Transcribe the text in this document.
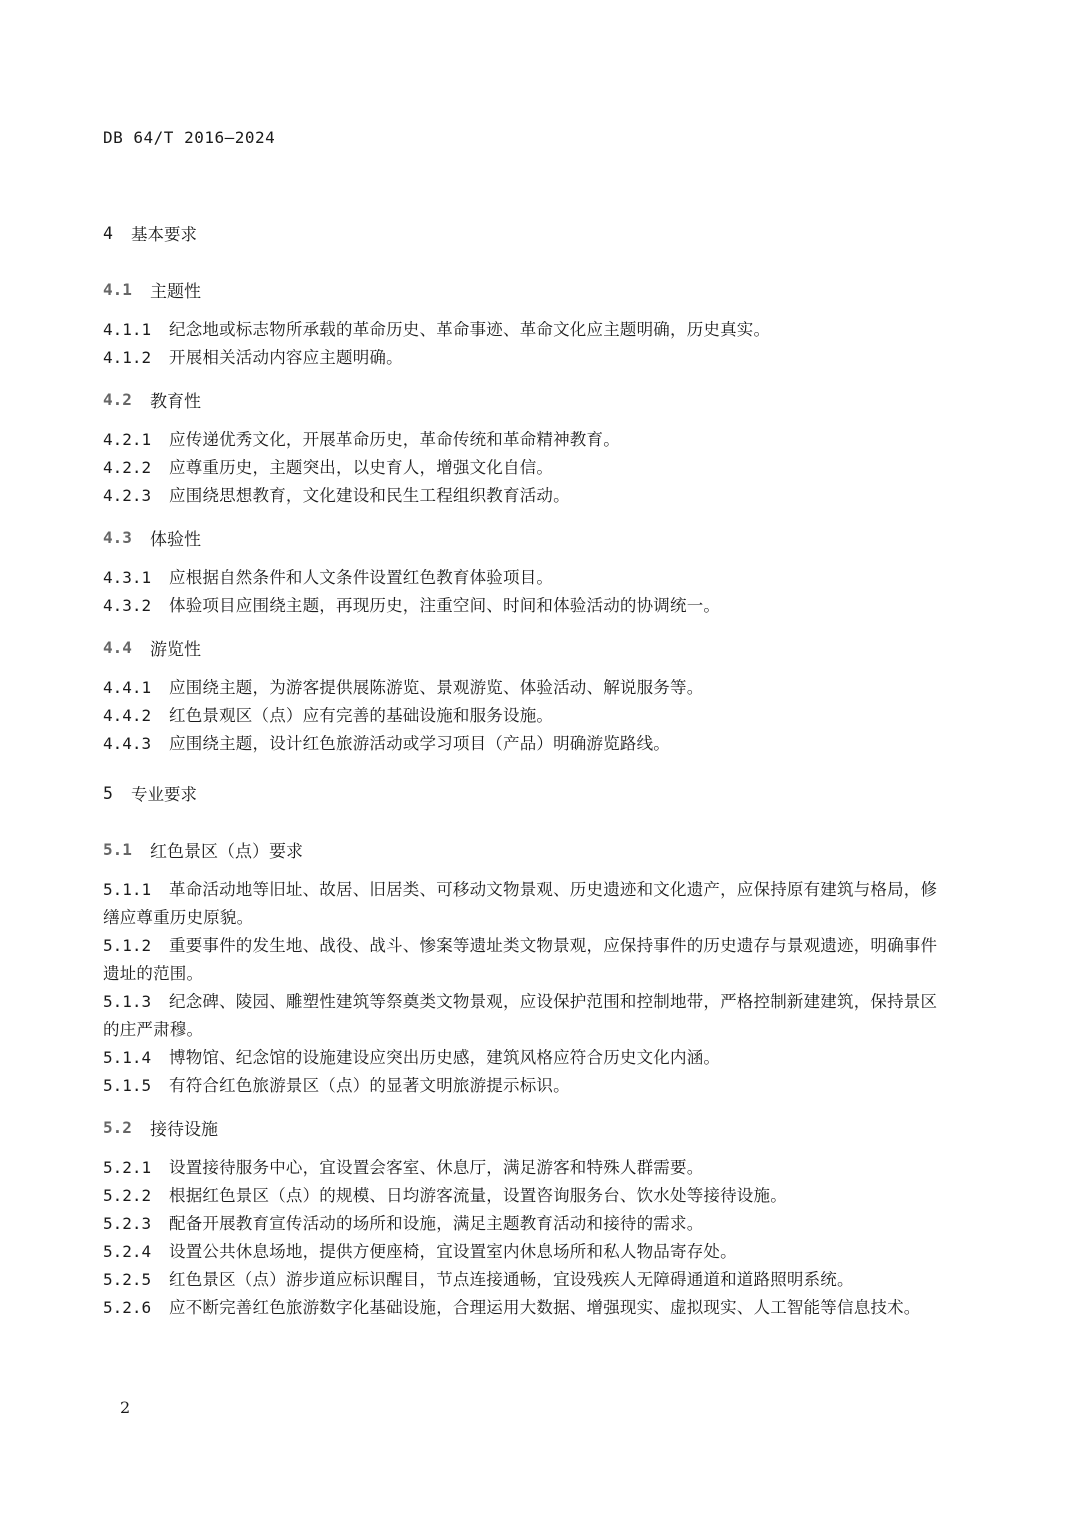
DB 64/T 2016—2024
4	基本要求
4.1	主题性
4.1.1	纪念地或标志物所承载的革命历史、革命事迹、革命文化应主题明确，历史真实。
4.1.2	开展相关活动内容应主题明确。
4.2	教育性
4.2.1	应传递优秀文化，开展革命历史，革命传统和革命精神教育。
4.2.2	应尊重历史，主题突出，以史育人，增强文化自信。
4.2.3	应围绕思想教育，文化建设和民生工程组织教育活动。
4.3	体验性
4.3.1	应根据自然条件和人文条件设置红色教育体验项目。
4.3.2	体验项目应围绕主题，再现历史，注重空间、时间和体验活动的协调统一。
4.4	游览性
4.4.1	应围绕主题，为游客提供展陈游览、景观游览、体验活动、解说服务等。
4.4.2	红色景观区（点）应有完善的基础设施和服务设施。
4.4.3	应围绕主题，设计红色旅游活动或学习项目（产品）明确游览路线。
5	专业要求
5.1	红色景区（点）要求
5.1.1 革命活动地等旧址、故居、旧居类、可移动文物景观、历史遗迹和文化遗产，应保持原有建筑与格局，修缮应尊重历史原貌。
5.1.2 重要事件的发生地、战役、战斗、惨案等遗址类文物景观，应保持事件的历史遗存与景观遗迹，明确事件遗址的范围。
5.1.3 纪念碑、陵园、雕塑性建筑等祭奠类文物景观，应设保护范围和控制地带，严格控制新建建筑，保持景区的庄严肃穆。
5.1.4	博物馆、纪念馆的设施建设应突出历史感，建筑风格应符合历史文化内涵。
5.1.5	有符合红色旅游景区（点）的显著文明旅游提示标识。
5.2	接待设施
5.2.1	设置接待服务中心，宜设置会客室、休息厅，满足游客和特殊人群需要。
5.2.2	根据红色景区（点）的规模、日均游客流量，设置咨询服务台、饮水处等接待设施。
5.2.3	配备开展教育宣传活动的场所和设施，满足主题教育活动和接待的需求。
5.2.4	设置公共休息场地，提供方便座椅，宜设置室内休息场所和私人物品寄存处。
5.2.5	红色景区（点）游步道应标识醒目，节点连接通畅，宜设残疾人无障碍通道和道路照明系统。
5.2.6 应不断完善红色旅游数字化基础设施，合理运用大数据、增强现实、虚拟现实、人工智能等信息技术。
2
